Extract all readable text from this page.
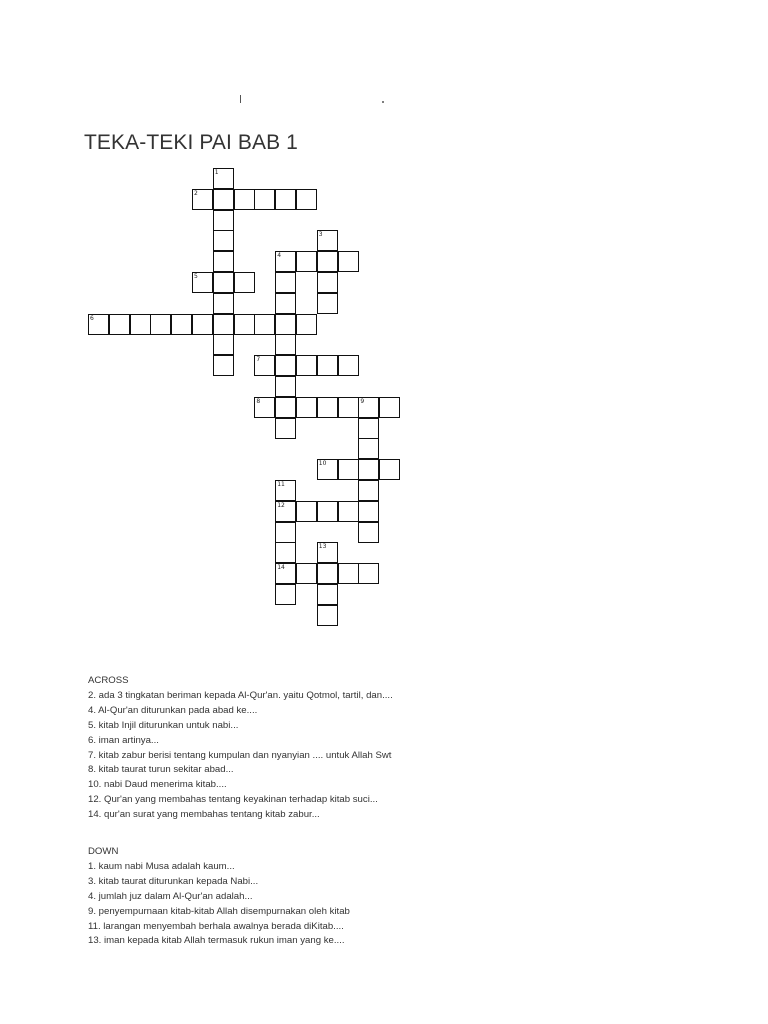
TEKA-TEKI PAI BAB 1
1
2
3
4
5
6
7
8	9
10
11
12
13
14
ACROSS
2. ada 3 tingkatan beriman kepada Al-Qur'an. yaitu Qotmol, tartil, dan....
4. Al-Qur'an diturunkan pada abad ke....
5. kitab Injil diturunkan untuk nabi...
6. iman artinya...
7. kitab zabur berisi tentang kumpulan dan nyanyian .... untuk Allah Swt
8. kitab taurat turun sekitar abad...
10. nabi Daud menerima kitab....
12. Qur'an yang membahas tentang keyakinan terhadap kitab suci...
14. qur'an surat yang membahas tentang kitab zabur...
DOWN
1. kaum nabi Musa adalah kaum...
3. kitab taurat diturunkan kepada Nabi...
4. jumlah juz dalam Al-Qur'an adalah...
9. penyempurnaan kitab-kitab Allah disempurnakan oleh kitab
11. larangan menyembah berhala awalnya berada diKitab....
13. iman kepada kitab Allah termasuk rukun iman yang ke....
